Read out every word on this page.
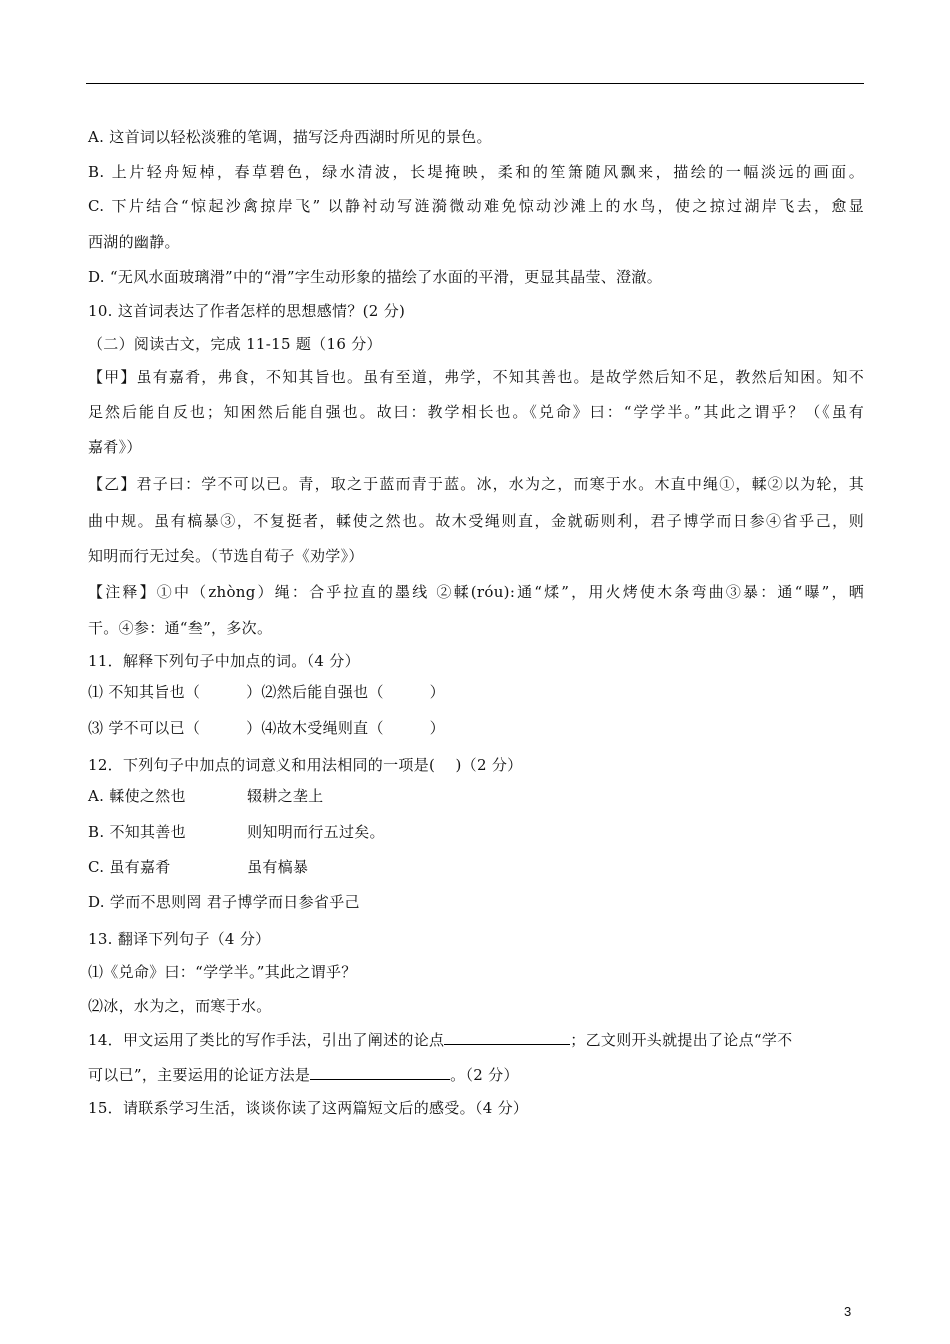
A. 这首词以轻松淡雅的笔调，描写泛舟西湖时所见的景色。
B. 上片轻舟短棹，春草碧色，绿水清波，长堤掩映，柔和的笙箫随风飘来，描绘的一幅淡远的画面。
C. 下片结合“惊起沙禽掠岸飞” 以静衬动写涟漪微动难免惊动沙滩上的水鸟，使之掠过湖岸飞去，愈显
西湖的幽静。
D. “无风水面玻璃滑”中的“滑”字生动形象的描绘了水面的平滑，更显其晶莹、澄澈。
10. 这首词表达了作者怎样的思想感情？(2 分)
（二）阅读古文，完成 11-15 题（16 分）
【甲】虽有嘉肴，弗食，不知其旨也。虽有至道，弗学，不知其善也。是故学然后知不足，教然后知困。知不
足然后能自反也；知困然后能自强也。故曰：教学相长也。《兑命》曰：“学学半。”其此之谓乎？（《虽有
嘉肴》）
【乙】君子曰：学不可以已。青，取之于蓝而青于蓝。冰，水为之，而寒于水。木直中绳①，輮②以为轮，其
曲中规。虽有槁暴③，不复挺者，輮使之然也。故木受绳则直，金就砺则利，君子博学而日参④省乎己，则
知明而行无过矣。（节选自荀子《劝学》）
【注释】①中（zhòng）绳：合乎拉直的墨线 ②輮(róu):通“煣”，用火烤使木条弯曲③暴：通“曝”，晒
干。④参：通“叁”，多次。
11．解释下列句子中加点的词。（4 分）
⑴ 不知其旨也（　　　）⑵然后能自强也（　　　）
⑶ 学不可以已（　　　）⑷故木受绳则直（　　　）
12．下列句子中加点的词意义和用法相同的一项是(　 )（2 分）
A. 輮使之然也　　　　辍耕之垄上
B. 不知其善也　　　　则知明而行五过矣。
C. 虽有嘉肴　　　　　虽有槁暴
D. 学而不思则罔 君子博学而日参省乎己
13. 翻译下列句子（4 分）
⑴《兑命》曰：“学学半。”其此之谓乎？
⑵冰，水为之，而寒于水。
14．甲文运用了类比的写作手法，引出了阐述的论点	；乙文则开头就提出了论点“学不
可以已”，主要运用的论证方法是	。（2 分）
15．请联系学习生活，谈谈你读了这两篇短文后的感受。（4 分）
3
